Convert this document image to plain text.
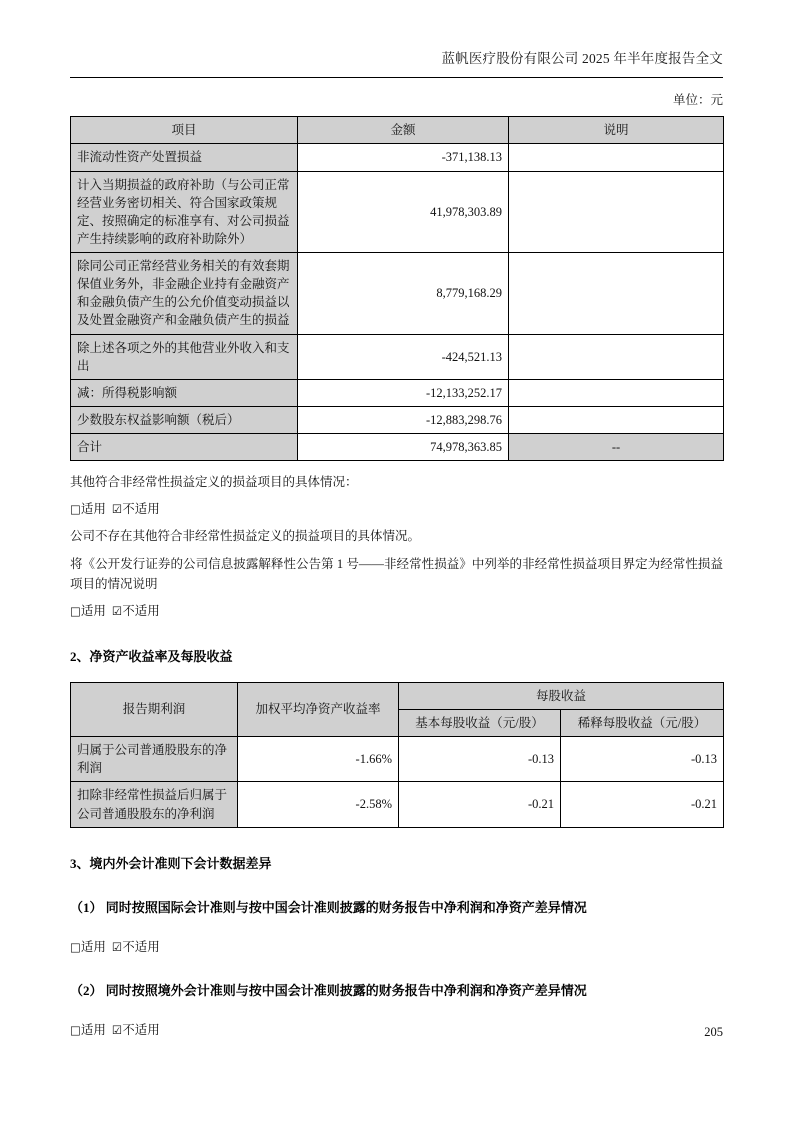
蓝帆医疗股份有限公司 2025 年半年度报告全文
单位：元
项目	金额	说明
非流动性资产处置损益	-371,138.13	
计入当期损益的政府补助（与公司正常经营业务密切相关、符合国家政策规定、按照确定的标准享有、对公司损益产生持续影响的政府补助除外）	41,978,303.89	
除同公司正常经营业务相关的有效套期保值业务外，非金融企业持有金融资产和金融负债产生的公允价值变动损益以及处置金融资产和金融负债产生的损益	8,779,168.29	
除上述各项之外的其他营业外收入和支出	-424,521.13	
减：所得税影响额	-12,133,252.17	
少数股东权益影响额（税后）	-12,883,298.76	
合计	74,978,363.85	--

其他符合非经常性损益定义的损益项目的具体情况：

□适用 ☑不适用

公司不存在其他符合非经常性损益定义的损益项目的具体情况。

将《公开发行证券的公司信息披露解释性公告第 1 号——非经常性损益》中列举的非经常性损益项目界定为经常性损益项目的情况说明

□适用 ☑不适用

2、净资产收益率及每股收益
报告期利润	加权平均净资产收益率	每股收益	
		基本每股收益（元/股）	稀释每股收益（元/股）
归属于公司普通股股东的净利润	-1.66%	-0.13	-0.13
扣除非经常性损益后归属于公司普通股股东的净利润	-2.58%	-0.21	-0.21
3、境内外会计准则下会计数据差异
（1） 同时按照国际会计准则与按中国会计准则披露的财务报告中净利润和净资产差异情况

□适用 ☑不适用

（2） 同时按照境外会计准则与按中国会计准则披露的财务报告中净利润和净资产差异情况

□适用 ☑不适用	205
